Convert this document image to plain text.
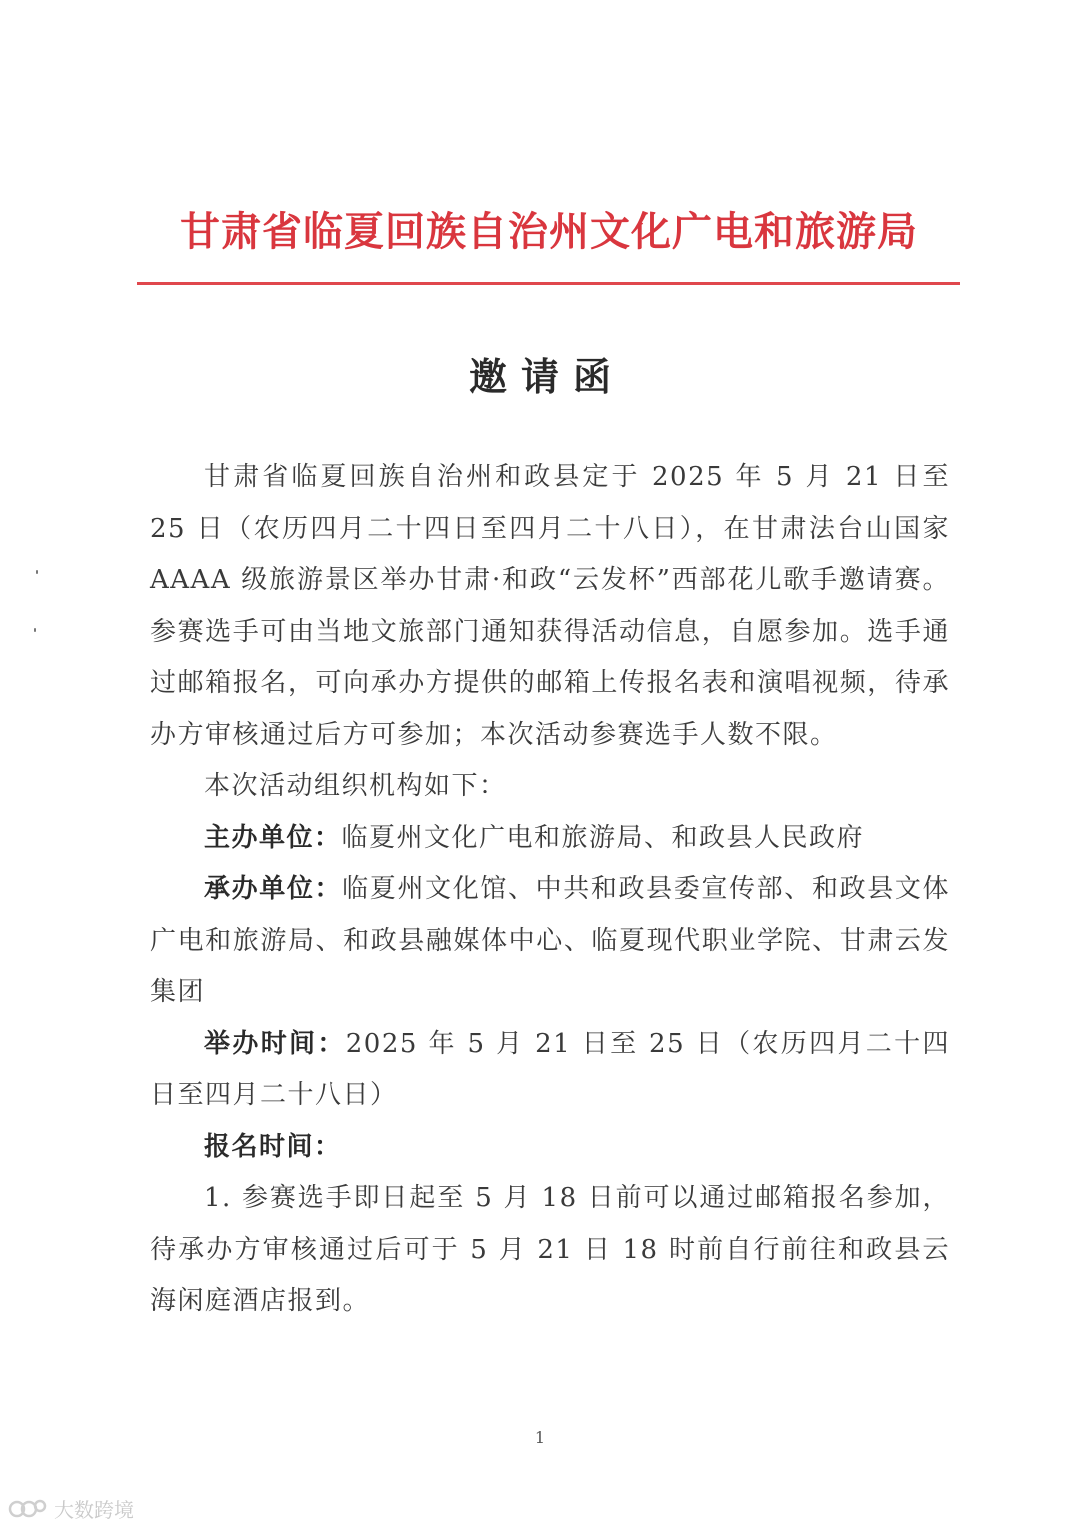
甘肃省临夏回族自治州文化广电和旅游局
邀请函

甘肃省临夏回族自治州和政县定于 2025 年 5 月 21 日至 25 日（农历四月二十四日至四月二十八日），在甘肃法台山国家 AAAA 级旅游景区举办甘肃·和政“云发杯”西部花儿歌手邀请赛。参赛选手可由当地文旅部门通知获得活动信息，自愿参加。选手通过邮箱报名，可向承办方提供的邮箱上传报名表和演唱视频，待承办方审核通过后方可参加；本次活动参赛选手人数不限。

本次活动组织机构如下：

主办单位：临夏州文化广电和旅游局、和政县人民政府

承办单位：临夏州文化馆、中共和政县委宣传部、和政县文体广电和旅游局、和政县融媒体中心、临夏现代职业学院、甘肃云发集团

举办时间：2025 年 5 月 21 日至 25 日（农历四月二十四日至四月二十八日）

报名时间：

1. 参赛选手即日起至 5 月 18 日前可以通过邮箱报名参加，待承办方审核通过后可于 5 月 21 日 18 时前自行前往和政县云海闲庭酒店报到。

1
大数跨境
